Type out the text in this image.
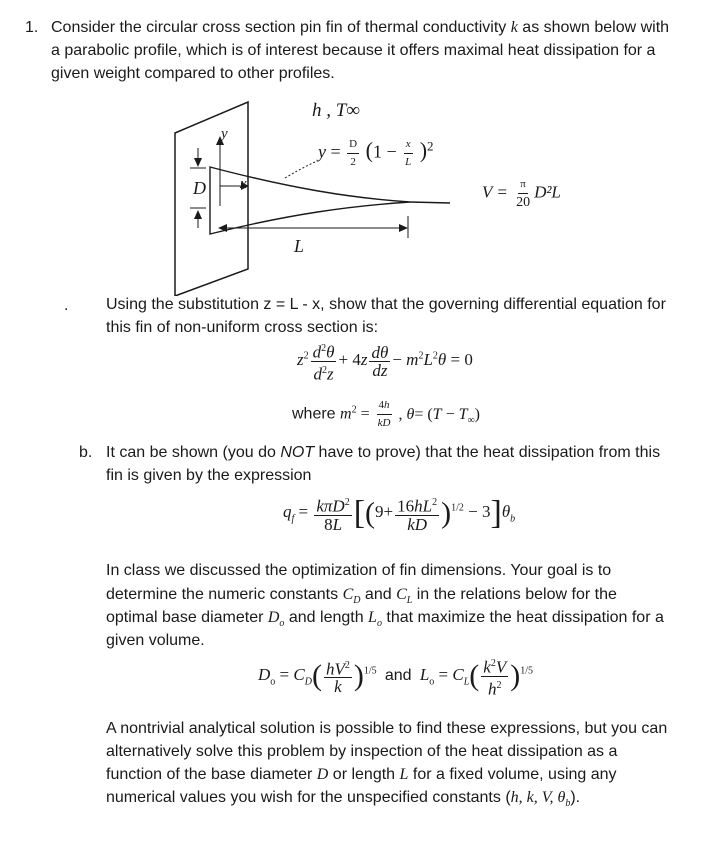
1. Consider the circular cross section pin fin of thermal conductivity k as shown below with
a parabolic profile, which is of interest because it offers maximal heat dissipation for a
given weight compared to other profiles.
h , T∞
y
x
D
L
$y = \frac{D}{2} (1 - \frac{x}{L} )^2$
$V = \frac{\pi}{20} D^2L$
. Using the substitution z = L - x, show that the governing differential equation for
this fin of non-uniform cross section is:
$z^2 \frac{d^2\theta}{d^2z} + 4z \frac{d\theta}{dz} - m^2L^2\theta = 0$
where $m^2 = \frac{4h}{kD}$ , $\theta= (T - T_\infty)$
b. It can be shown (you do NOT have to prove) that the heat dissipation from this
fin is given by the expression
$q_f = \frac{k\pi D^2}{8L} [(9+ \frac{16hL^2}{kD} )^{1/2} - 3]\theta_b$
In class we discussed the optimization of fin dimensions. Your goal is to
determine the numeric constants $C_D$ and $C_L$ in the relations below for the
optimal base diameter $D_o$ and length $L_o$ that maximize the heat dissipation for a
given volume.
$D_o = C_D( \frac{hV^2}{k} )^{1/5}$ and $L_o = C_L( \frac{k^2V}{h^2} )^{1/5}$
A nontrivial analytical solution is possible to find these expressions, but you can
alternatively solve this problem by inspection of the heat dissipation as a
function of the base diameter D or length L for a fixed volume, using any
numerical values you wish for the unspecified constants (h, k, V, $\theta_b$).
